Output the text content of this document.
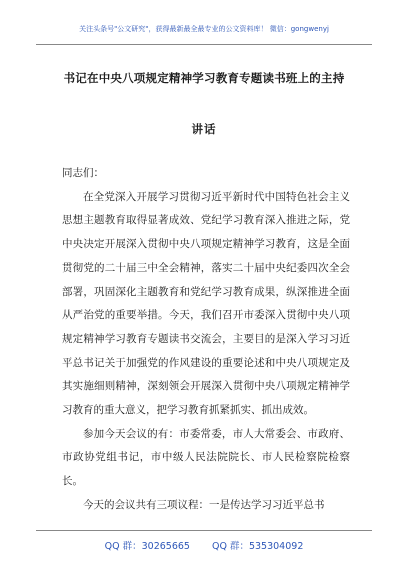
关注头条号"公文研究"，获得最新最全最专业的公文资料库！ 微信：gongwenyj
书记在中央八项规定精神学习教育专题读书班上的主持
讲话

同志们：

在全党深入开展学习贯彻习近平新时代中国特色社会主义思想主题教育取得显著成效、党纪学习教育深入推进之际，党中央决定开展深入贯彻中央八项规定精神学习教育，这是全面贯彻党的二十届三中全会精神，落实二十届中央纪委四次全会部署，巩固深化主题教育和党纪学习教育成果，纵深推进全面从严治党的重要举措。今天，我们召开市委深入贯彻中央八项规定精神学习教育专题读书交流会，主要目的是深入学习习近平总书记关于加强党的作风建设的重要论述和中央八项规定及其实施细则精神，深刻领会开展深入贯彻中央八项规定精神学习教育的重大意义，把学习教育抓紧抓实、抓出成效。

参加今天会议的有：市委常委，市人大常委会、市政府、市政协党组书记，市中级人民法院院长、市人民检察院检察长。

今天的会议共有三项议程：一是传达学习习近平总书

QQ 群：30265665 QQ 群：535304092
